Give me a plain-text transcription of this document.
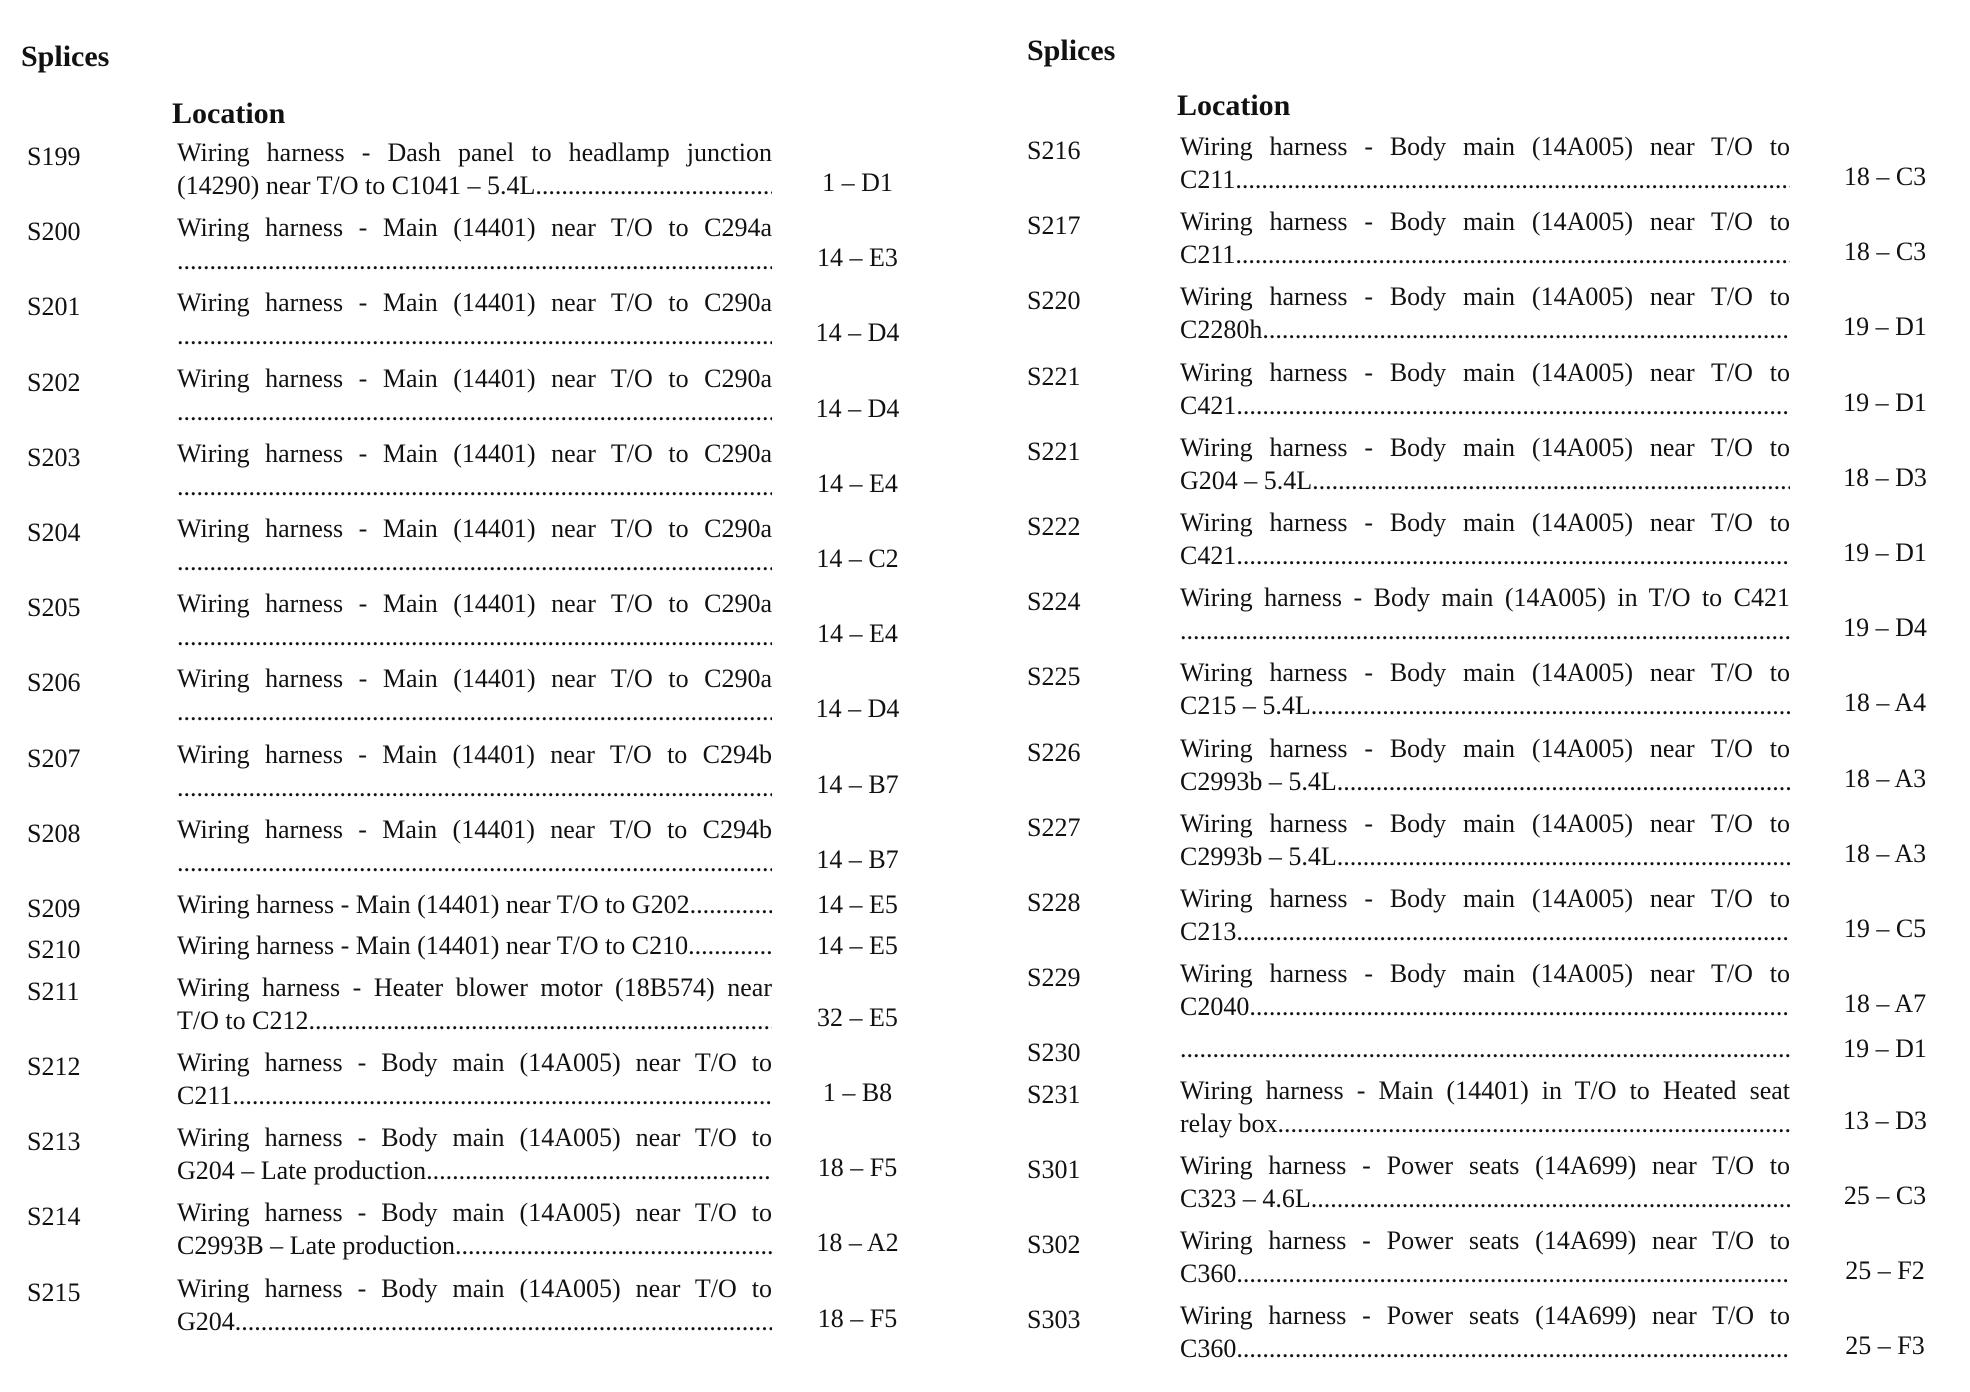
Splices
Location
S199	Wiring harness - Dash panel to headlamp junction
(14290) near T/O to C1041 – 5.4L .....	1 – D1
S200	Wiring harness - Main (14401) near T/O to C294a
.....
14 – E3
S201	Wiring harness - Main (14401) near T/O to C290a
.....
14 – D4
S202	Wiring harness - Main (14401) near T/O to C290a
.....
14 – D4
S203	Wiring harness - Main (14401) near T/O to C290a
.....
14 – E4
S204	Wiring harness - Main (14401) near T/O to C290a
.....
14 – C2
S205	Wiring harness - Main (14401) near T/O to C290a
.....
14 – E4
S206	Wiring harness - Main (14401) near T/O to C290a
.....
14 – D4
S207	Wiring harness - Main (14401) near T/O to C294b
.....
14 – B7
S208	Wiring harness - Main (14401) near T/O to C294b
.....
14 – B7
S209	Wiring harness - Main (14401) near T/O to G202 .....	14 – E5
S210	Wiring harness - Main (14401) near T/O to C210 .....	14 – E5
S211	Wiring harness - Heater blower motor (18B574) near
T/O to C212 .....	32 – E5
S212	Wiring harness - Body main (14A005) near T/O to
C211 .....	1 – B8
S213	Wiring harness - Body main (14A005) near T/O to
G204 – Late production .....	18 – F5
S214	Wiring harness - Body main (14A005) near T/O to
C2993B – Late production .....	18 – A2
S215	Wiring harness - Body main (14A005) near T/O to
G204 .....	18 – F5
Splices
Location
S216	Wiring harness - Body main (14A005) near T/O to
C211 .....	18 – C3
S217	Wiring harness - Body main (14A005) near T/O to
C211 .....	18 – C3
S220	Wiring harness - Body main (14A005) near T/O to
C2280h .....	19 – D1
S221	Wiring harness - Body main (14A005) near T/O to
C421 .....	19 – D1
S221	Wiring harness - Body main (14A005) near T/O to
G204 – 5.4L .....	18 – D3
S222	Wiring harness - Body main (14A005) near T/O to
C421 .....	19 – D1
S224	Wiring harness - Body main (14A005) in T/O to C421
.....
19 – D4
S225	Wiring harness - Body main (14A005) near T/O to
C215 – 5.4L .....	18 – A4
S226	Wiring harness - Body main (14A005) near T/O to
C2993b – 5.4L .....	18 – A3
S227	Wiring harness - Body main (14A005) near T/O to
C2993b – 5.4L .....	18 – A3
S228	Wiring harness - Body main (14A005) near T/O to
C213 .....	19 – C5
S229	Wiring harness - Body main (14A005) near T/O to
C2040 .....	18 – A7
S230 .....	19 – D1
S231	Wiring harness - Main (14401) in T/O to Heated seat
relay box .....	13 – D3
S301	Wiring harness - Power seats (14A699) near T/O to
C323 – 4.6L .....	25 – C3
S302	Wiring harness - Power seats (14A699) near T/O to
C360 .....	25 – F2
S303	Wiring harness - Power seats (14A699) near T/O to
C360 .....	25 – F3
